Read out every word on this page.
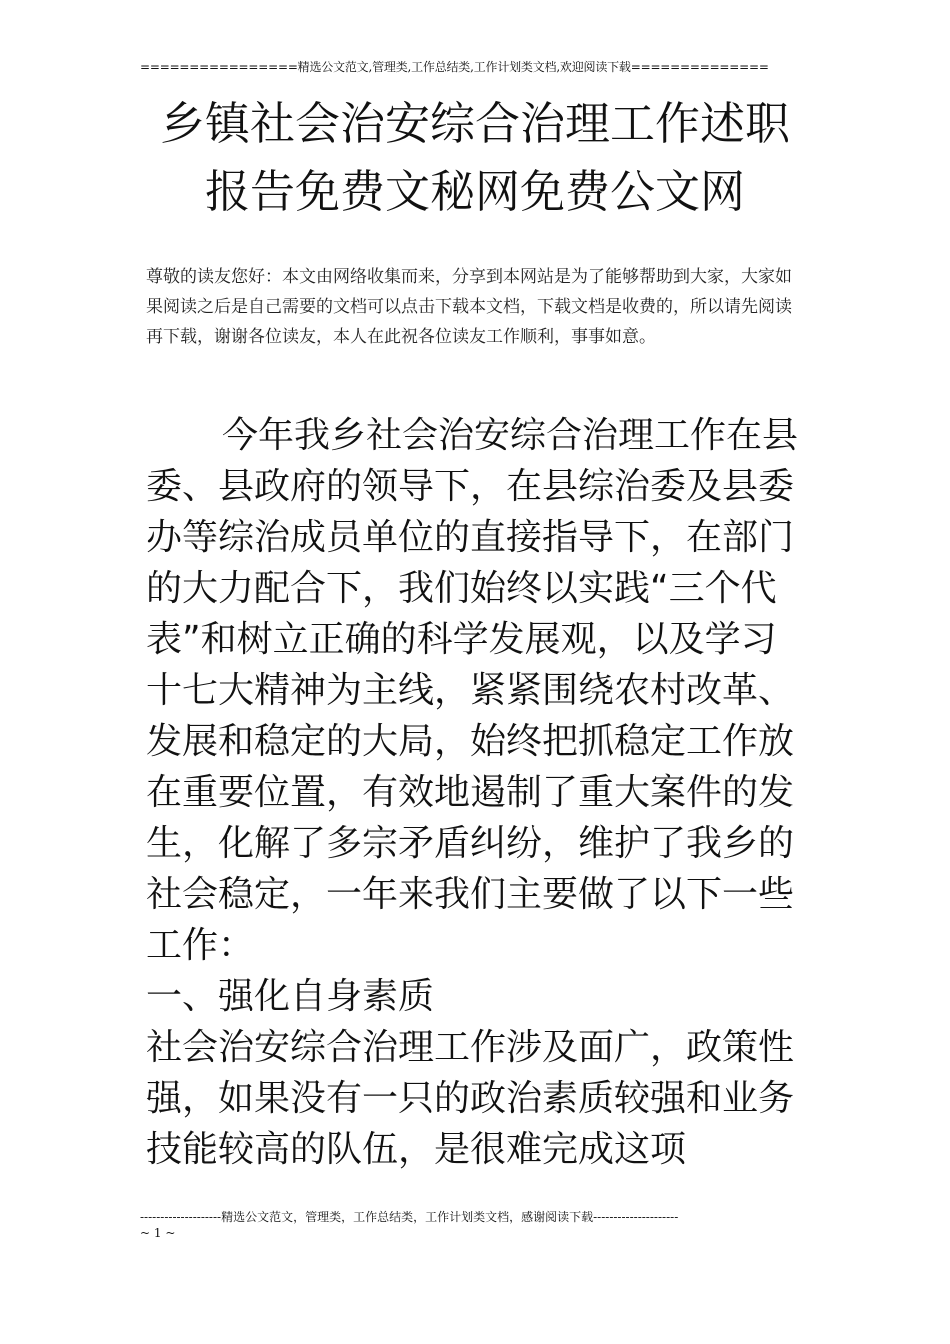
================精选公文范文,管理类,工作总结类,工作计划类文档,欢迎阅读下载==============
乡镇社会治安综合治理工作述职报告免费文秘网免费公文网

尊敬的读友您好：本文由网络收集而来，分享到本网站是为了能够帮助到大家，大家如果阅读之后是自己需要的文档可以点击下载本文档，下载文档是收费的，所以请先阅读再下载，谢谢各位读友，本人在此祝各位读友工作顺利，事事如意。

今年我乡社会治安综合治理工作在县委、县政府的领导下，在县综治委及县委办等综治成员单位的直接指导下，在部门的大力配合下，我们始终以实践“三个代表”和树立正确的科学发展观，以及学习十七大精神为主线，紧紧围绕农村改革、发展和稳定的大局，始终把抓稳定工作放在重要位置，有效地遏制了重大案件的发生，化解了多宗矛盾纠纷，维护了我乡的社会稳定，一年来我们主要做了以下一些工作：

一、强化自身素质

社会治安综合治理工作涉及面广，政策性强，如果没有一只的政治素质较强和业务技能较高的队伍，是很难完成这项

--------------------精选公文范文，管理类，工作总结类，工作计划类文档，感谢阅读下载---------------------
~ 1 ~
